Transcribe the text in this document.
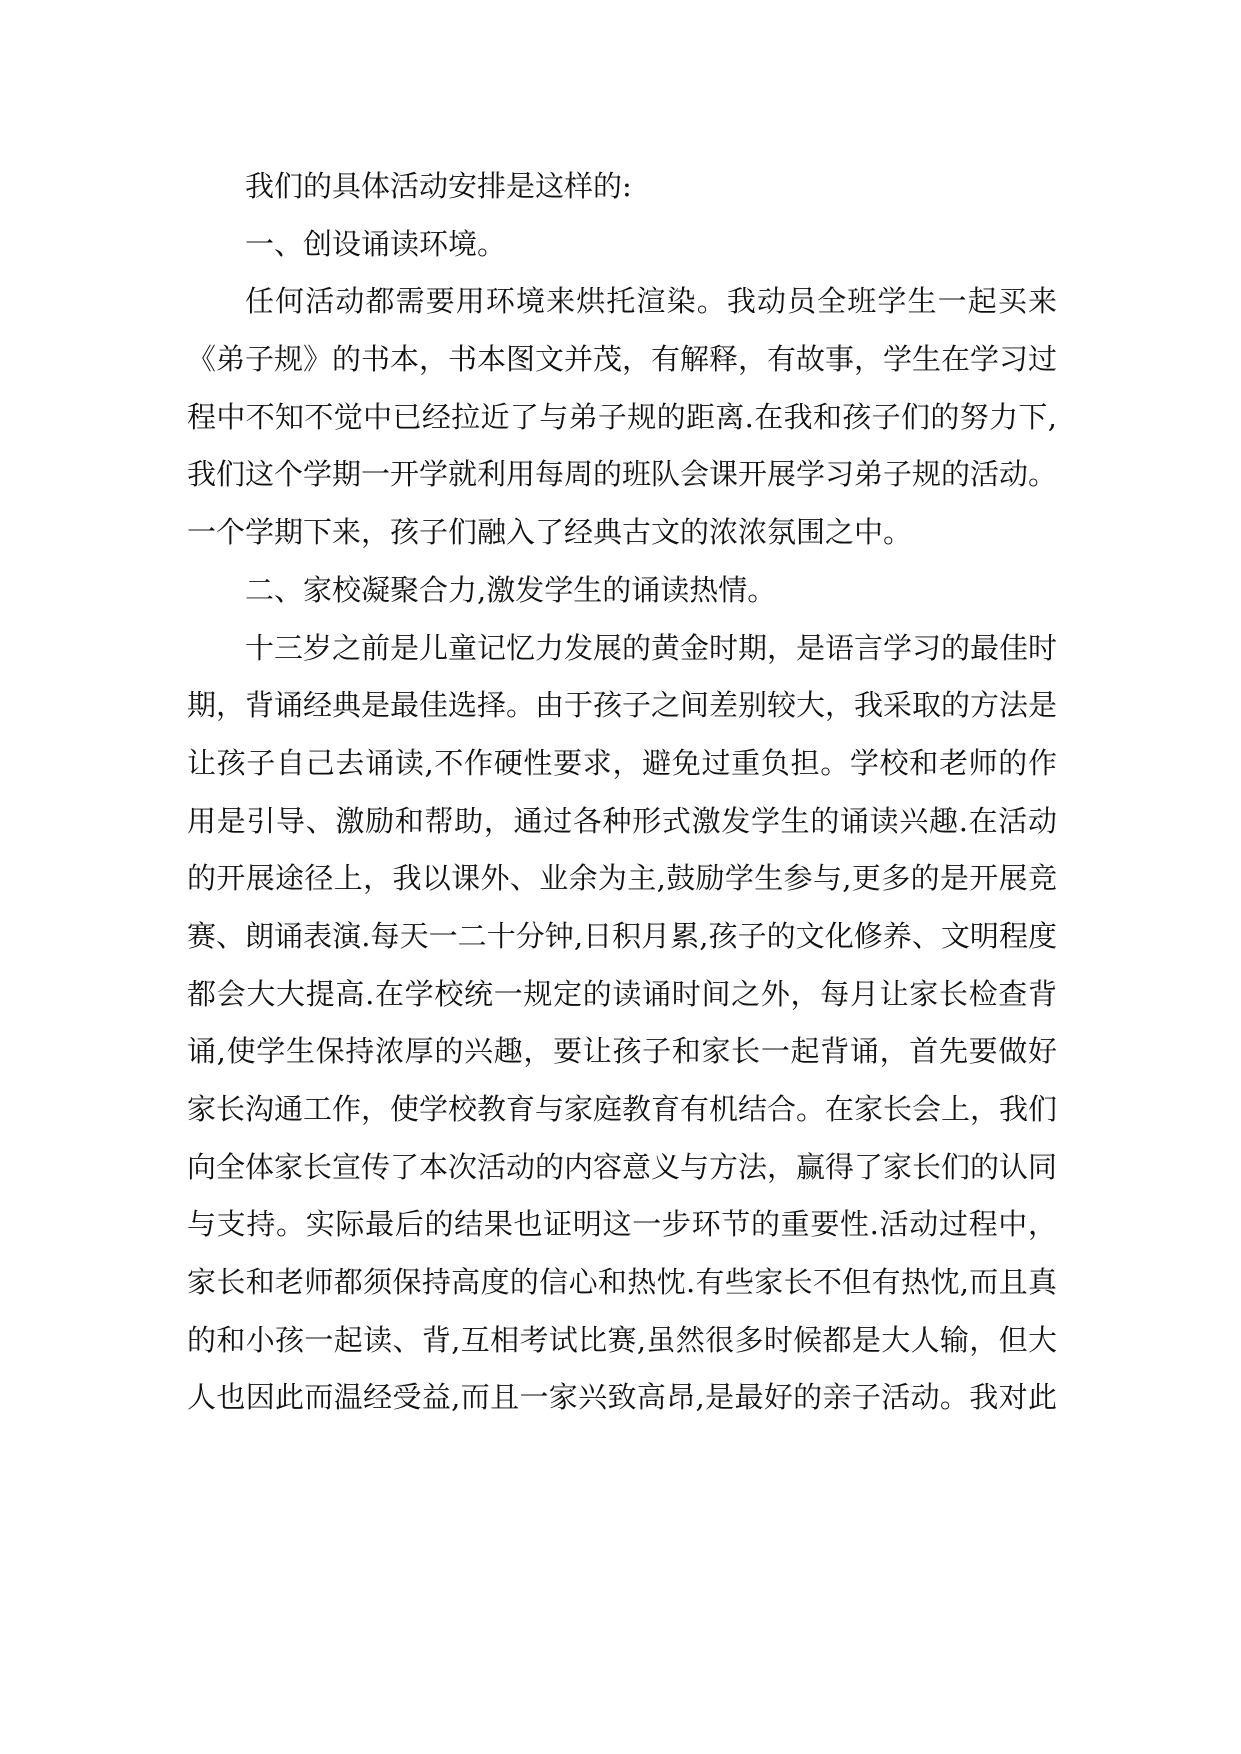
我们的具体活动安排是这样的:
一、创设诵读环境。
任何活动都需要用环境来烘托渲染。我动员全班学生一起买来
《弟子规》的书本，书本图文并茂，有解释，有故事，学生在学习过
程中不知不觉中已经拉近了与弟子规的距离.在我和孩子们的努力下,
我们这个学期一开学就利用每周的班队会课开展学习弟子规的活动。
一个学期下来，孩子们融入了经典古文的浓浓氛围之中。
二、家校凝聚合力,激发学生的诵读热情。
十三岁之前是儿童记忆力发展的黄金时期，是语言学习的最佳时
期，背诵经典是最佳选择。由于孩子之间差别较大，我采取的方法是
让孩子自己去诵读,不作硬性要求，避免过重负担。学校和老师的作
用是引导、激励和帮助，通过各种形式激发学生的诵读兴趣.在活动
的开展途径上，我以课外、业余为主,鼓励学生参与,更多的是开展竞
赛、朗诵表演.每天一二十分钟,日积月累,孩子的文化修养、文明程度
都会大大提高.在学校统一规定的读诵时间之外，每月让家长检查背
诵,使学生保持浓厚的兴趣，要让孩子和家长一起背诵，首先要做好
家长沟通工作，使学校教育与家庭教育有机结合。在家长会上，我们
向全体家长宣传了本次活动的内容意义与方法，赢得了家长们的认同
与支持。实际最后的结果也证明这一步环节的重要性.活动过程中，
家长和老师都须保持高度的信心和热忱.有些家长不但有热忱,而且真
的和小孩一起读、背,互相考试比赛,虽然很多时候都是大人输，但大
人也因此而温经受益,而且一家兴致高昂,是最好的亲子活动。我对此
